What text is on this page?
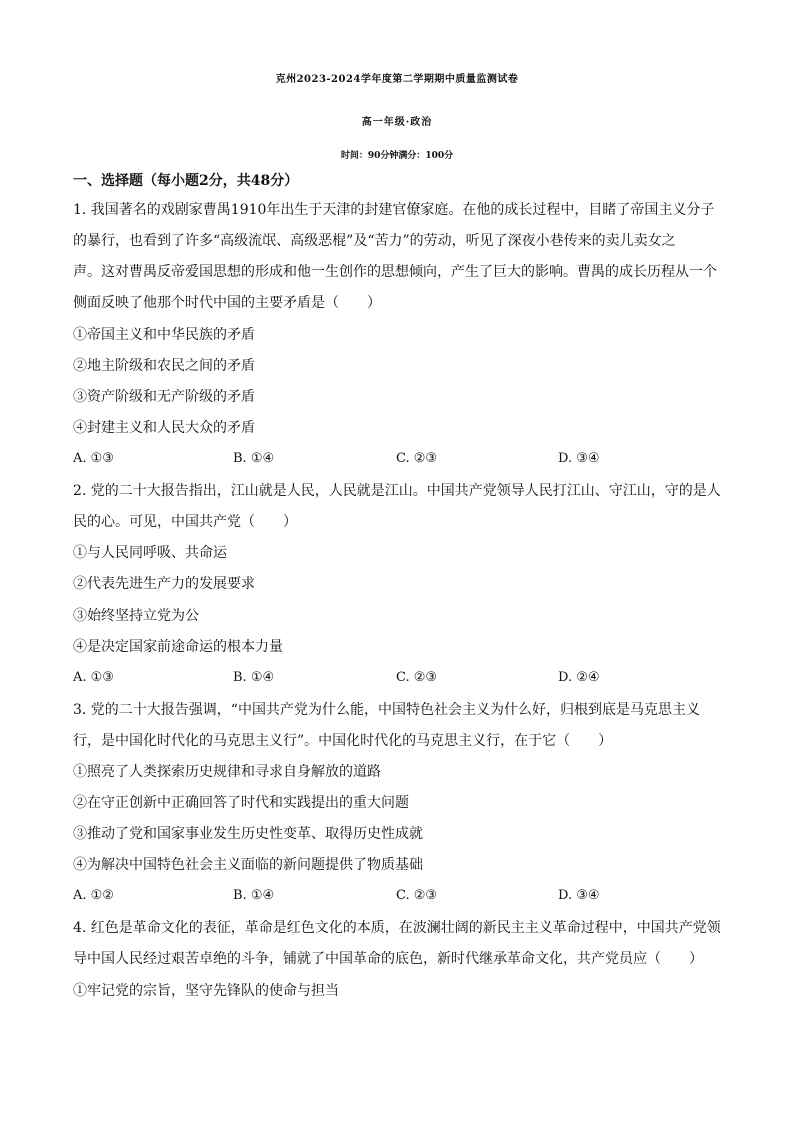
克州2023-2024学年度第二学期期中质量监测试卷
高一年级·政治
时间：90分钟满分：100分
一、选择题（每小题2分，共48分）
1. 我国著名的戏剧家曹禺1910年出生于天津的封建官僚家庭。在他的成长过程中，目睹了帝国主义分子
的暴行，也看到了许多“高级流氓、高级恶棍”及“苦力”的劳动，听见了深夜小巷传来的卖儿卖女之
声。这对曹禺反帝爱国思想的形成和他一生创作的思想倾向，产生了巨大的影响。曹禺的成长历程从一个
侧面反映了他那个时代中国的主要矛盾是（　　）
①帝国主义和中华民族的矛盾
②地主阶级和农民之间的矛盾
③资产阶级和无产阶级的矛盾
④封建主义和人民大众的矛盾
A. ①③	B. ①④	C. ②③	D. ③④
2. 党的二十大报告指出，江山就是人民，人民就是江山。中国共产党领导人民打江山、守江山，守的是人
民的心。可见，中国共产党（　　）
①与人民同呼吸、共命运
②代表先进生产力的发展要求
③始终坚持立党为公
④是决定国家前途命运的根本力量
A. ①③	B. ①④	C. ②③	D. ②④
3. 党的二十大报告强调，“中国共产党为什么能，中国特色社会主义为什么好，归根到底是马克思主义
行，是中国化时代化的马克思主义行”。中国化时代化的马克思主义行，在于它（　　）
①照亮了人类探索历史规律和寻求自身解放的道路
②在守正创新中正确回答了时代和实践提出的重大问题
③推动了党和国家事业发生历史性变革、取得历史性成就
④为解决中国特色社会主义面临的新问题提供了物质基础
A. ①②	B. ①④	C. ②③	D. ③④
4. 红色是革命文化的表征，革命是红色文化的本质，在波澜壮阔的新民主主义革命过程中，中国共产党领
导中国人民经过艰苦卓绝的斗争，铺就了中国革命的底色，新时代继承革命文化，共产党员应（　　）
①牢记党的宗旨，坚守先锋队的使命与担当
